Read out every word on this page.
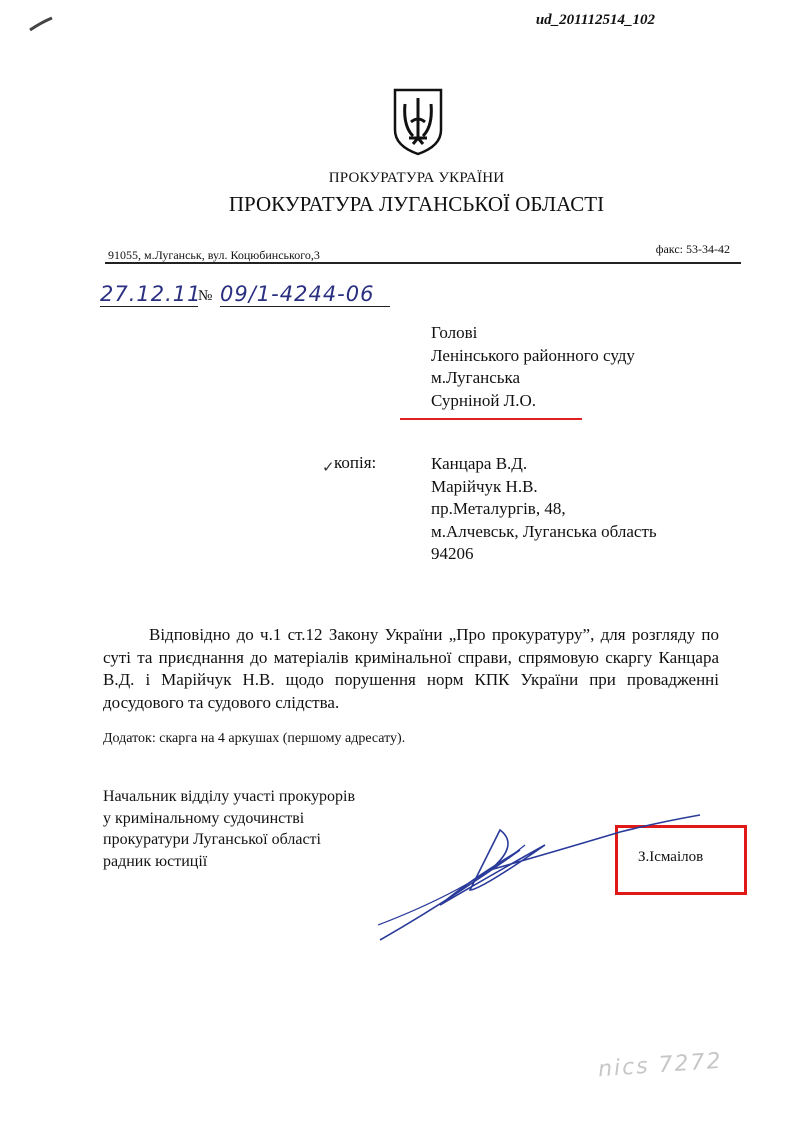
ud_201112514_102
ПРОКУРАТУРА УКРАЇНИ
ПРОКУРАТУРА ЛУГАНСЬКОЇ ОБЛАСТІ
91055, м.Луганськ, вул. Коцюбинського,3	факс: 53-34-42
27.12.11
№ 09/1-4244-06
Голові
Ленінського районного суду
м.Луганська
Сурніной Л.О.
✓ копія:	Канцара В.Д.
Марійчук Н.В.
пр.Металургів, 48,
м.Алчевськ, Луганська область
94206

Відповідно до ч.1 ст.12 Закону України „Про прокуратуру”, для розгляду по суті та приєднання до матеріалів кримінальної справи, спрямовую скаргу Канцара В.Д. і Марійчук Н.В. щодо порушення норм КПК України при провадженні досудового та судового слідства.

Додаток: скарга на 4 аркушах (першому адресату).
Начальник відділу участі прокурорів
у кримінальному судочинстві
прокуратури Луганської області
радник юстиції	З.Ісмаілов
nics 7272
